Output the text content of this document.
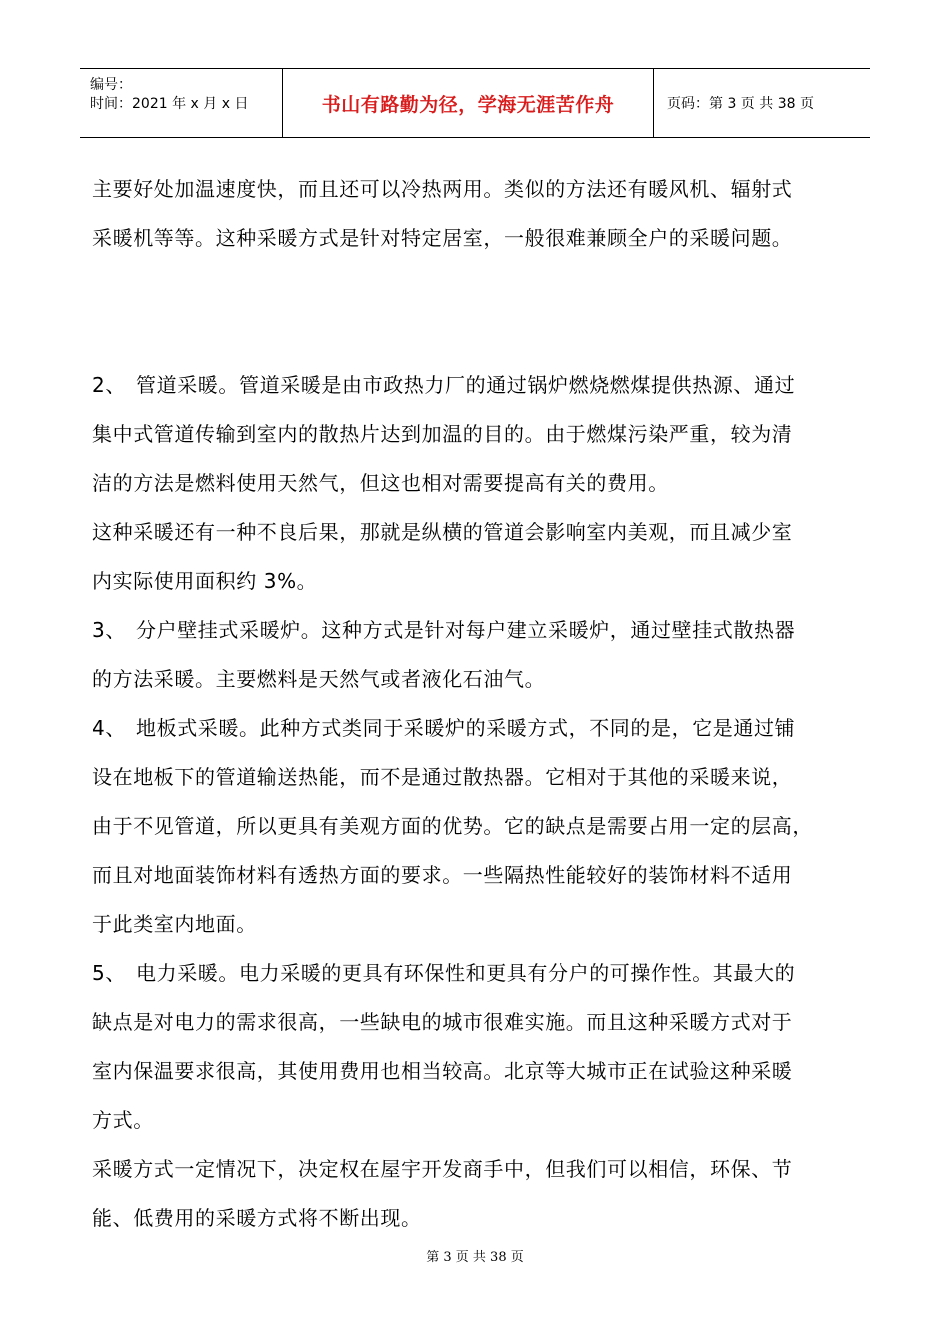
编号：
时间：2021 年 x 月 x 日	书山有路勤为径，学海无涯苦作舟	页码：第 3 页 共 38 页

主要好处加温速度快，而且还可以冷热两用。类似的方法还有暖风机、辐射式

采暖机等等。这种采暖方式是针对特定居室，一般很难兼顾全户的采暖问题。

2、 管道采暖。管道采暖是由市政热力厂的通过锅炉燃烧燃煤提供热源、通过

集中式管道传输到室内的散热片达到加温的目的。由于燃煤污染严重，较为清

洁的方法是燃料使用天然气，但这也相对需要提高有关的费用。

这种采暖还有一种不良后果，那就是纵横的管道会影响室内美观，而且减少室

内实际使用面积约 3%。

3、 分户壁挂式采暖炉。这种方式是针对每户建立采暖炉，通过壁挂式散热器

的方法采暖。主要燃料是天然气或者液化石油气。

4、 地板式采暖。此种方式类同于采暖炉的采暖方式，不同的是，它是通过铺

设在地板下的管道输送热能，而不是通过散热器。它相对于其他的采暖来说，

由于不见管道，所以更具有美观方面的优势。它的缺点是需要占用一定的层高，

而且对地面装饰材料有透热方面的要求。一些隔热性能较好的装饰材料不适用

于此类室内地面。

5、 电力采暖。电力采暖的更具有环保性和更具有分户的可操作性。其最大的

缺点是对电力的需求很高，一些缺电的城市很难实施。而且这种采暖方式对于

室内保温要求很高，其使用费用也相当较高。北京等大城市正在试验这种采暖

方式。

采暖方式一定情况下，决定权在屋宇开发商手中，但我们可以相信，环保、节

能、低费用的采暖方式将不断出现。

第 3 页 共 38 页
